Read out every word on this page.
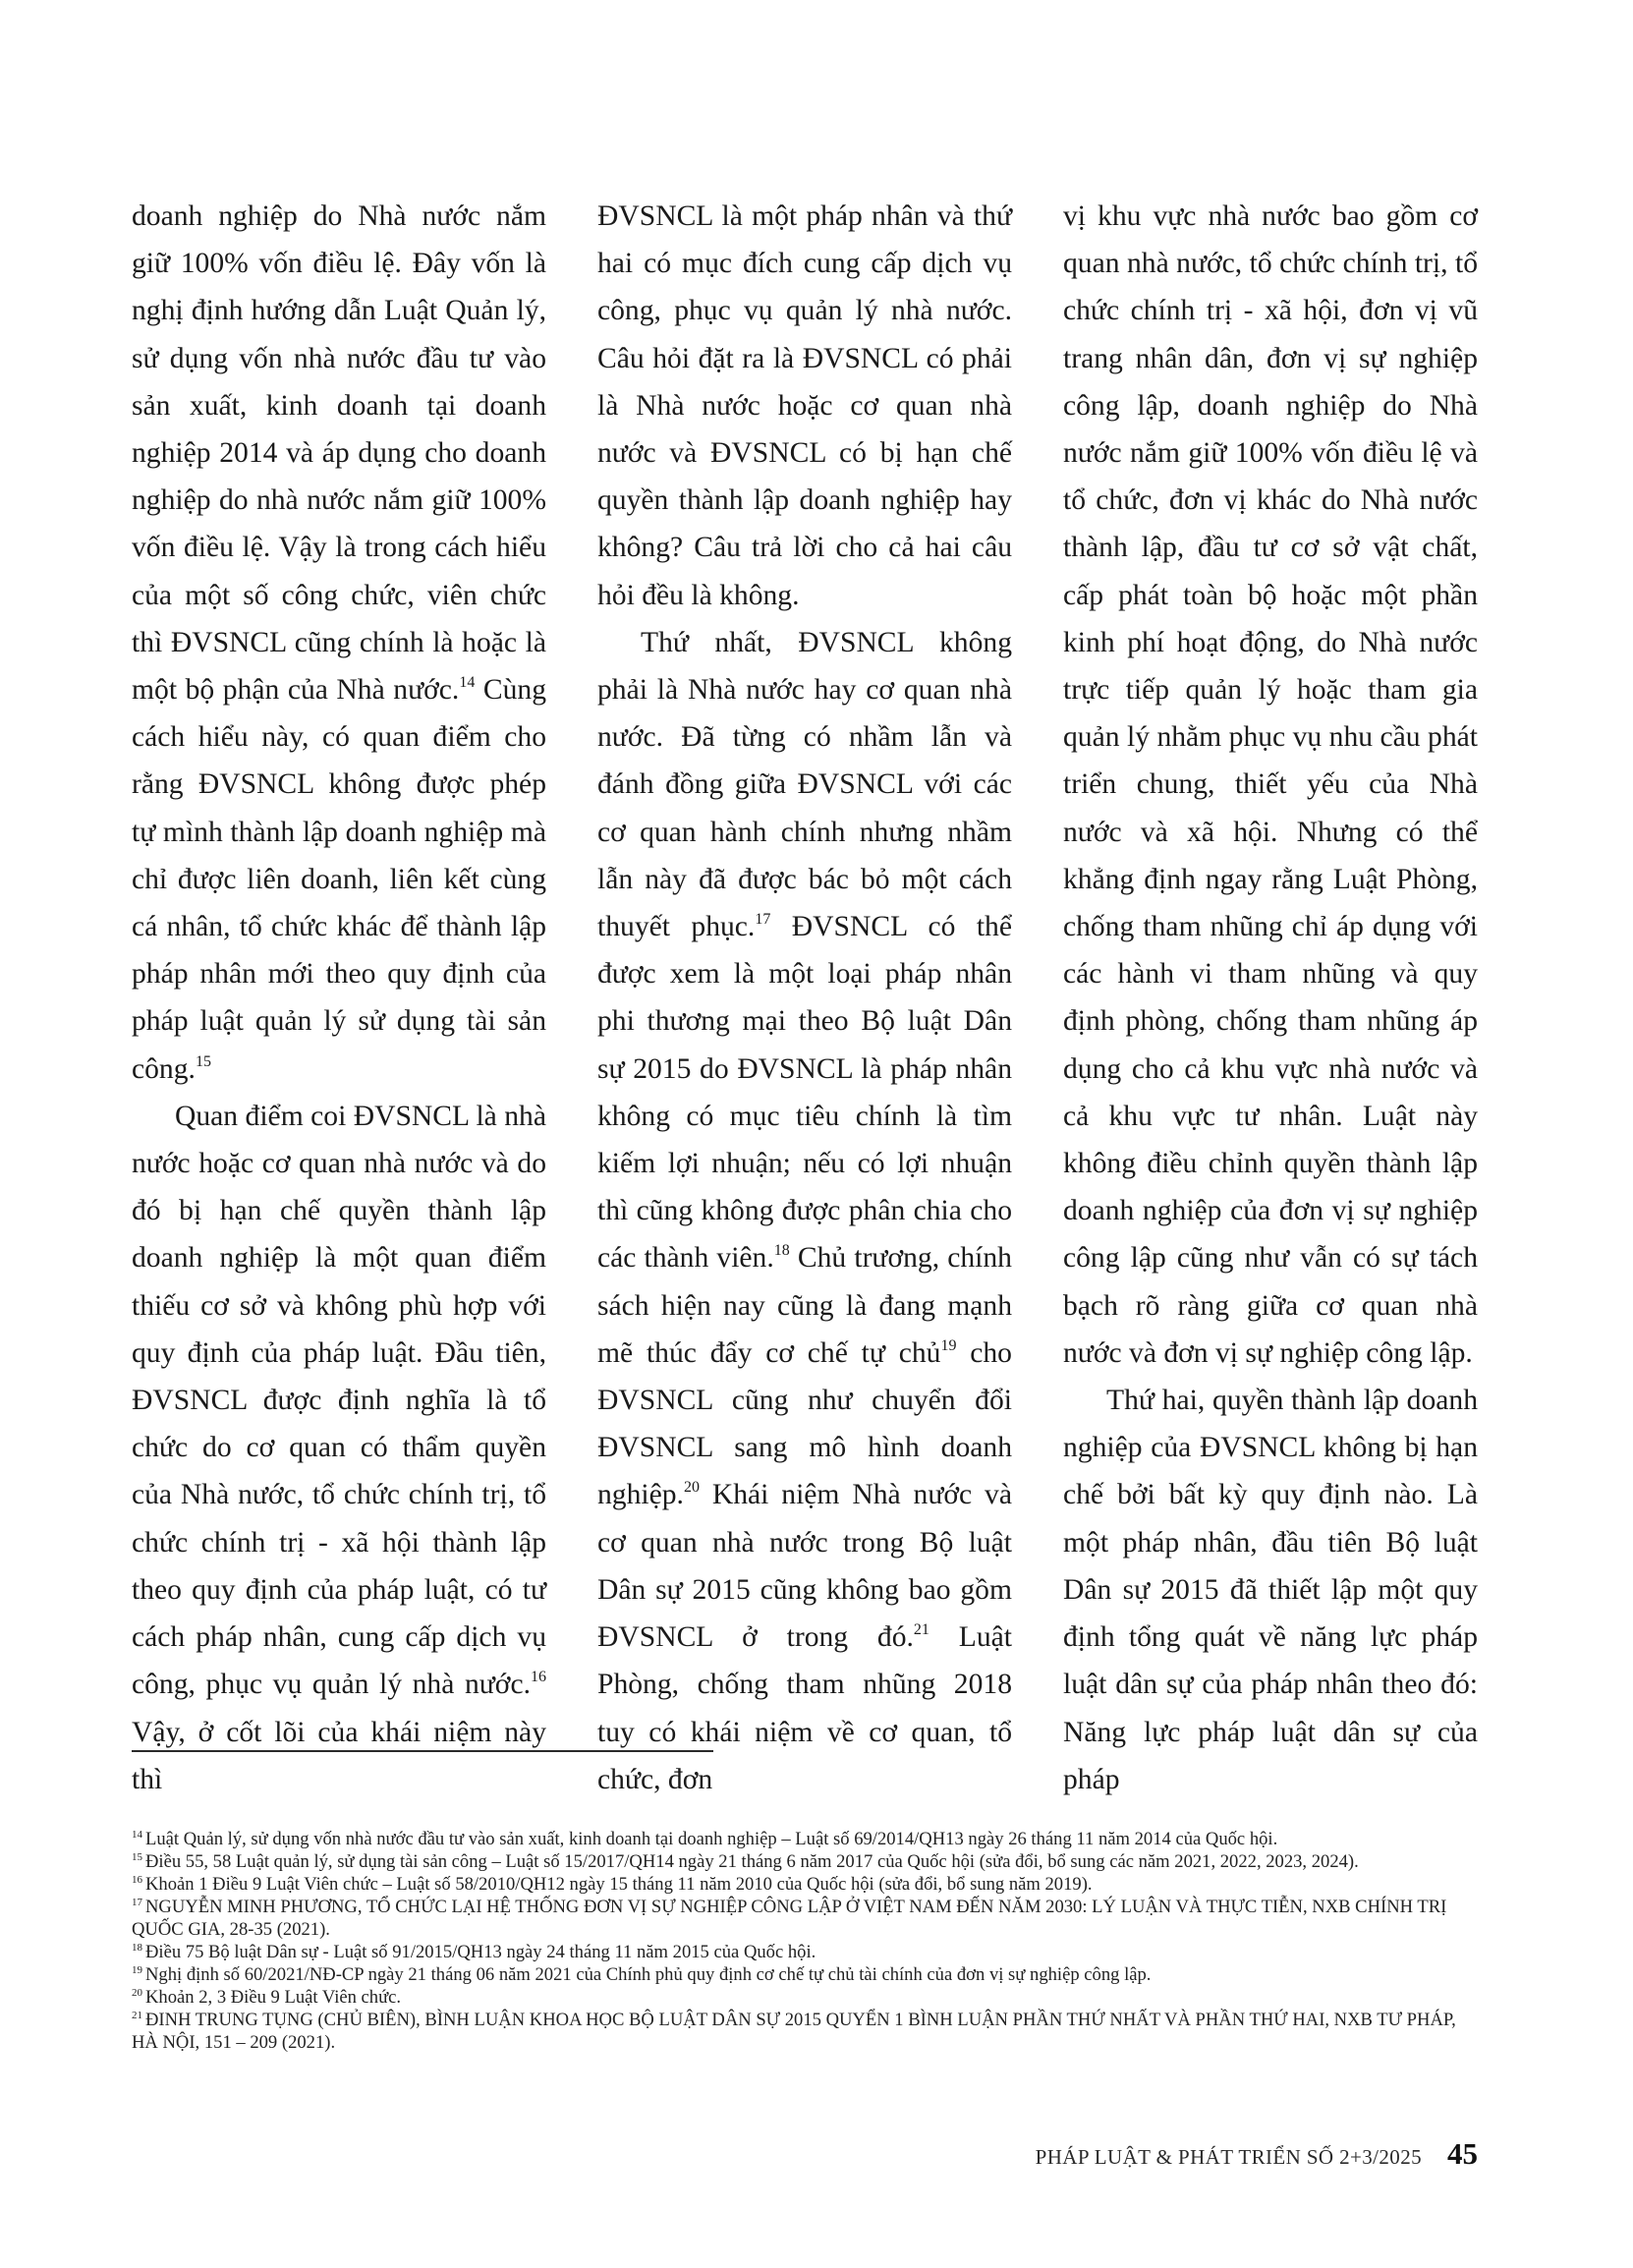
doanh nghiệp do Nhà nước nắm giữ 100% vốn điều lệ. Đây vốn là nghị định hướng dẫn Luật Quản lý, sử dụng vốn nhà nước đầu tư vào sản xuất, kinh doanh tại doanh nghiệp 2014 và áp dụng cho doanh nghiệp do nhà nước nắm giữ 100% vốn điều lệ. Vậy là trong cách hiểu của một số công chức, viên chức thì ĐVSNCL cũng chính là hoặc là một bộ phận của Nhà nước.$^{14}$ Cùng cách hiểu này, có quan điểm cho rằng ĐVSNCL không được phép tự mình thành lập doanh nghiệp mà chỉ được liên doanh, liên kết cùng cá nhân, tổ chức khác để thành lập pháp nhân mới theo quy định của pháp luật quản lý sử dụng tài sản công.$^{15}$

Quan điểm coi ĐVSNCL là nhà nước hoặc cơ quan nhà nước và do đó bị hạn chế quyền thành lập doanh nghiệp là một quan điểm thiếu cơ sở và không phù hợp với quy định của pháp luật. Đầu tiên, ĐVSNCL được định nghĩa là tổ chức do cơ quan có thẩm quyền của Nhà nước, tổ chức chính trị, tổ chức chính trị - xã hội thành lập theo quy định của pháp luật, có tư cách pháp nhân, cung cấp dịch vụ công, phục vụ quản lý nhà nước.$^{16}$ Vậy, ở cốt lõi của khái niệm này thì

ĐVSNCL là một pháp nhân và thứ hai có mục đích cung cấp dịch vụ công, phục vụ quản lý nhà nước. Câu hỏi đặt ra là ĐVSNCL có phải là Nhà nước hoặc cơ quan nhà nước và ĐVSNCL có bị hạn chế quyền thành lập doanh nghiệp hay không? Câu trả lời cho cả hai câu hỏi đều là không.

Thứ nhất, ĐVSNCL không phải là Nhà nước hay cơ quan nhà nước. Đã từng có nhầm lẫn và đánh đồng giữa ĐVSNCL với các cơ quan hành chính nhưng nhầm lẫn này đã được bác bỏ một cách thuyết phục.$^{17}$ ĐVSNCL có thể được xem là một loại pháp nhân phi thương mại theo Bộ luật Dân sự 2015 do ĐVSNCL là pháp nhân không có mục tiêu chính là tìm kiếm lợi nhuận; nếu có lợi nhuận thì cũng không được phân chia cho các thành viên.$^{18}$ Chủ trương, chính sách hiện nay cũng là đang mạnh mẽ thúc đẩy cơ chế tự chủ$^{19}$ cho ĐVSNCL cũng như chuyển đổi ĐVSNCL sang mô hình doanh nghiệp.$^{20}$ Khái niệm Nhà nước và cơ quan nhà nước trong Bộ luật Dân sự 2015 cũng không bao gồm ĐVSNCL ở trong đó.$^{21}$ Luật Phòng, chống tham nhũng 2018 tuy có khái niệm về cơ quan, tổ chức, đơn

vị khu vực nhà nước bao gồm cơ quan nhà nước, tổ chức chính trị, tổ chức chính trị - xã hội, đơn vị vũ trang nhân dân, đơn vị sự nghiệp công lập, doanh nghiệp do Nhà nước nắm giữ 100% vốn điều lệ và tổ chức, đơn vị khác do Nhà nước thành lập, đầu tư cơ sở vật chất, cấp phát toàn bộ hoặc một phần kinh phí hoạt động, do Nhà nước trực tiếp quản lý hoặc tham gia quản lý nhằm phục vụ nhu cầu phát triển chung, thiết yếu của Nhà nước và xã hội. Nhưng có thể khẳng định ngay rằng Luật Phòng, chống tham nhũng chỉ áp dụng với các hành vi tham nhũng và quy định phòng, chống tham nhũng áp dụng cho cả khu vực nhà nước và cả khu vực tư nhân. Luật này không điều chỉnh quyền thành lập doanh nghiệp của đơn vị sự nghiệp công lập cũng như vẫn có sự tách bạch rõ ràng giữa cơ quan nhà nước và đơn vị sự nghiệp công lập.

Thứ hai, quyền thành lập doanh nghiệp của ĐVSNCL không bị hạn chế bởi bất kỳ quy định nào. Là một pháp nhân, đầu tiên Bộ luật Dân sự 2015 đã thiết lập một quy định tổng quát về năng lực pháp luật dân sự của pháp nhân theo đó: Năng lực pháp luật dân sự của pháp

$^{14}$ Luật Quản lý, sử dụng vốn nhà nước đầu tư vào sản xuất, kinh doanh tại doanh nghiệp – Luật số 69/2014/QH13 ngày 26 tháng 11 năm 2014 của Quốc hội.

$^{15}$ Điều 55, 58 Luật quản lý, sử dụng tài sản công – Luật số 15/2017/QH14 ngày 21 tháng 6 năm 2017 của Quốc hội (sửa đổi, bổ sung các năm 2021, 2022, 2023, 2024).

$^{16}$ Khoản 1 Điều 9 Luật Viên chức – Luật số 58/2010/QH12 ngày 15 tháng 11 năm 2010 của Quốc hội (sửa đổi, bổ sung năm 2019).

$^{17}$ NGUYỄN MINH PHƯƠNG, TỔ CHỨC LẠI HỆ THỐNG ĐƠN VỊ SỰ NGHIỆP CÔNG LẬP Ở VIỆT NAM ĐẾN NĂM 2030: LÝ LUẬN VÀ THỰC TIỄN, NXB CHÍNH TRỊ QUỐC GIA, 28-35 (2021).

$^{18}$ Điều 75 Bộ luật Dân sự - Luật số 91/2015/QH13 ngày 24 tháng 11 năm 2015 của Quốc hội.

$^{19}$ Nghị định số 60/2021/NĐ-CP ngày 21 tháng 06 năm 2021 của Chính phủ quy định cơ chế tự chủ tài chính của đơn vị sự nghiệp công lập.

$^{20}$ Khoản 2, 3 Điều 9 Luật Viên chức.

$^{21}$ ĐINH TRUNG TỤNG (CHỦ BIÊN), BÌNH LUẬN KHOA HỌC BỘ LUẬT DÂN SỰ 2015 QUYỂN 1 BÌNH LUẬN PHẦN THỨ NHẤT VÀ PHẦN THỨ HAI, NXB TƯ PHÁP, HÀ NỘI, 151 – 209 (2021).

PHÁP LUẬT & PHÁT TRIỂN SỐ 2+3/2025 45
